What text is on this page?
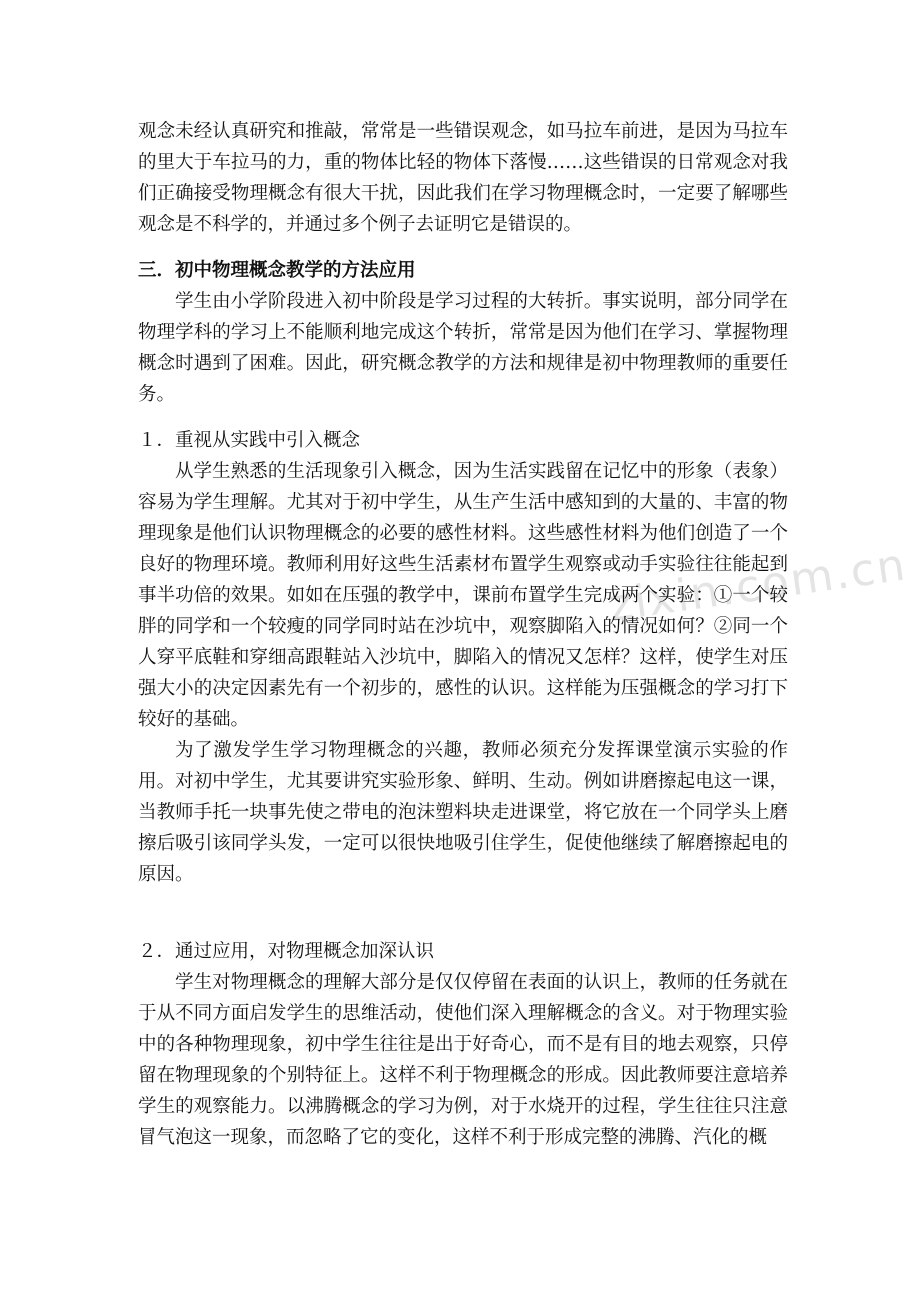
zixin.com.cn

观念未经认真研究和推敲，常常是一些错误观念，如马拉车前进，是因为马拉车的里大于车拉马的力，重的物体比轻的物体下落慢……这些错误的日常观念对我们正确接受物理概念有很大干扰，因此我们在学习物理概念时，一定要了解哪些观念是不科学的，并通过多个例子去证明它是错误的。

三．初中物理概念教学的方法应用

学生由小学阶段进入初中阶段是学习过程的大转折。事实说明，部分同学在物理学科的学习上不能顺利地完成这个转折，常常是因为他们在学习、掌握物理概念时遇到了困难。因此，研究概念教学的方法和规律是初中物理教师的重要任务。

１．重视从实践中引入概念

从学生熟悉的生活现象引入概念，因为生活实践留在记忆中的形象（表象）容易为学生理解。尤其对于初中学生，从生产生活中感知到的大量的、丰富的物理现象是他们认识物理概念的必要的感性材料。这些感性材料为他们创造了一个良好的物理环境。教师利用好这些生活素材布置学生观察或动手实验往往能起到事半功倍的效果。如如在压强的教学中，课前布置学生完成两个实验：①一个较胖的同学和一个较瘦的同学同时站在沙坑中，观察脚陷入的情况如何？②同一个人穿平底鞋和穿细高跟鞋站入沙坑中，脚陷入的情况又怎样？这样，使学生对压强大小的决定因素先有一个初步的，感性的认识。这样能为压强概念的学习打下较好的基础。

为了激发学生学习物理概念的兴趣，教师必须充分发挥课堂演示实验的作用。对初中学生，尤其要讲究实验形象、鲜明、生动。例如讲磨擦起电这一课，当教师手托一块事先使之带电的泡沫塑料块走进课堂，将它放在一个同学头上磨擦后吸引该同学头发，一定可以很快地吸引住学生，促使他继续了解磨擦起电的原因。

２．通过应用，对物理概念加深认识

学生对物理概念的理解大部分是仅仅停留在表面的认识上，教师的任务就在于从不同方面启发学生的思维活动，使他们深入理解概念的含义。对于物理实验中的各种物理现象，初中学生往往是出于好奇心，而不是有目的地去观察，只停留在物理现象的个别特征上。这样不利于物理概念的形成。因此教师要注意培养学生的观察能力。以沸腾概念的学习为例，对于水烧开的过程，学生往往只注意冒气泡这一现象，而忽略了它的变化，这样不利于形成完整的沸腾、汽化的概
